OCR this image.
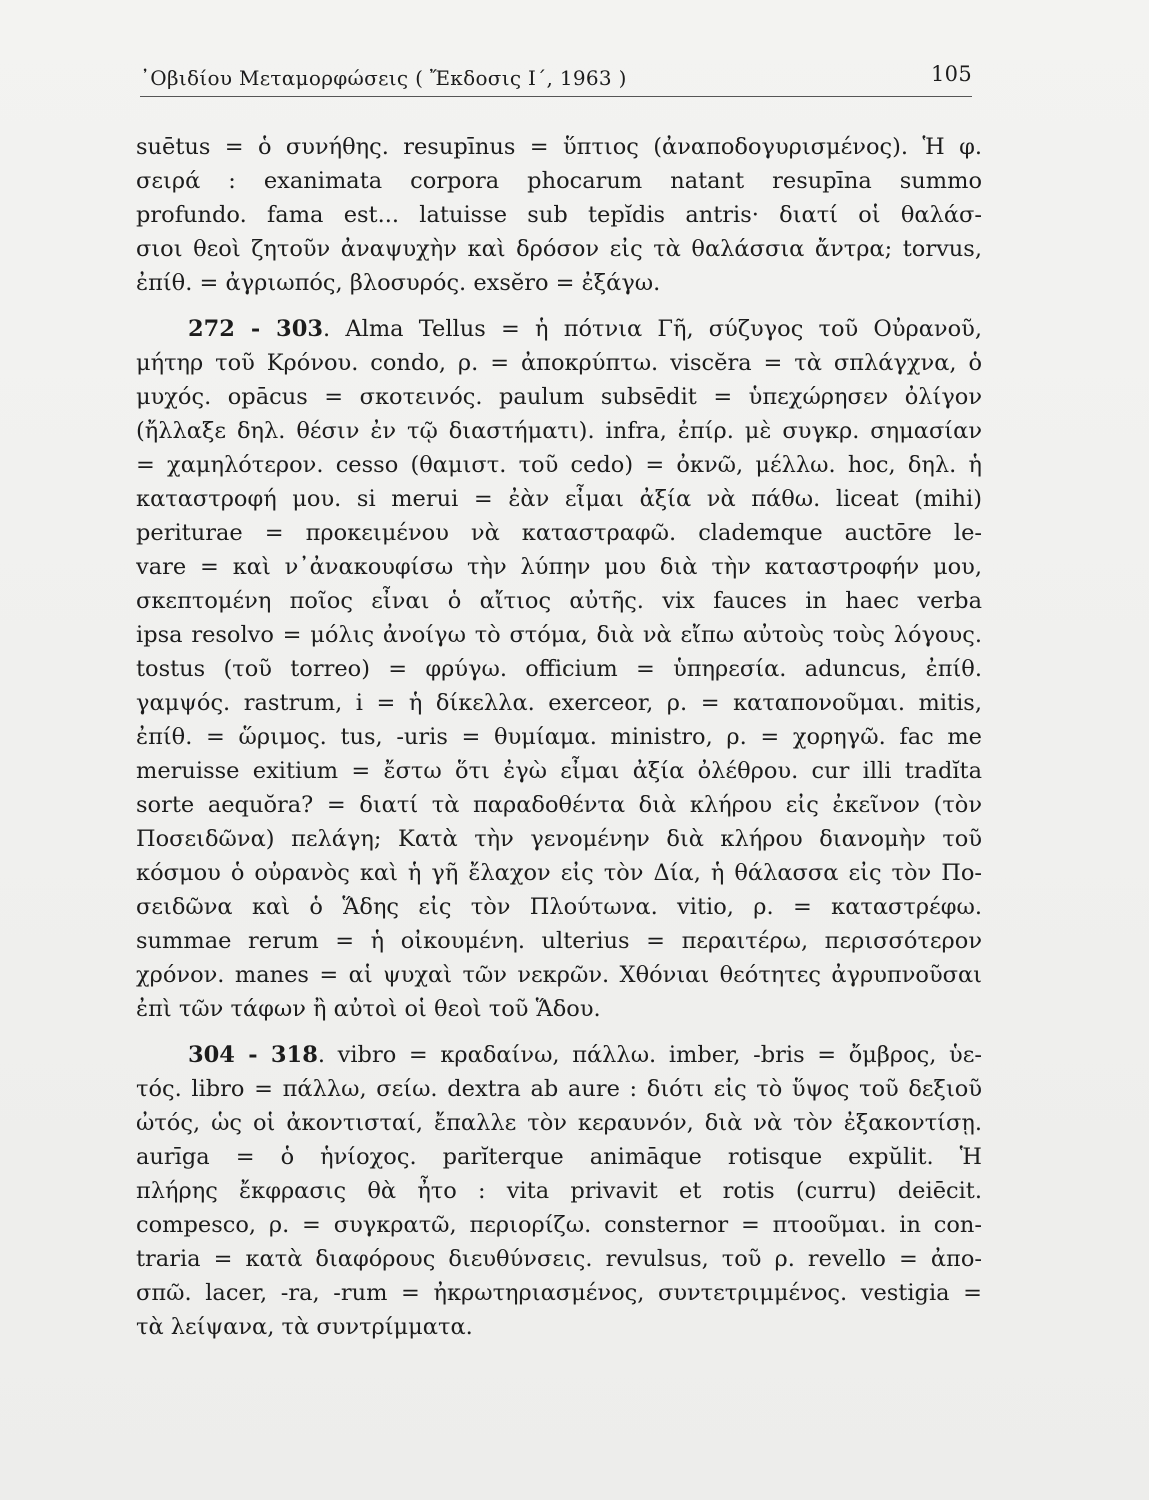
᾿Οβιδίου Μεταμορφώσεις ( Ἔκδοσις Ι΄, 1963 )	105
suētus = ὁ συνήθης. resupīnus = ὕπτιος (ἀναποδογυρισμένος). Ἡ φ.
σειρά : exanimata corpora phocarum natant resupīna summo
profundo. fama est... latuisse sub tepĭdis antris· διατί οἱ θαλάσ-
σιοι θεοὶ ζητοῦν ἀναψυχὴν καὶ δρόσον εἰς τὰ θαλάσσια ἄντρα; torvus,
ἐπίθ. = ἀγριωπός, βλοσυρός. exsĕro = ἐξάγω.
272 - 303. Alma Tellus = ἡ πότνια Γῆ, σύζυγος τοῦ Οὐρανοῦ,
μήτηρ τοῦ Κρόνου. condo, ρ. = ἀποκρύπτω. viscĕra = τὰ σπλάγχνα, ὁ
μυχός. opācus = σκοτεινός. paulum subsēdit = ὑπεχώρησεν ὀλίγον
(ἤλλαξε δηλ. θέσιν ἐν τῷ διαστήματι). infra, ἐπίρ. μὲ συγκρ. σημασίαν
= χαμηλότερον. cesso (θαμιστ. τοῦ cedo) = ὀκνῶ, μέλλω. hoc, δηλ. ἡ
καταστροφή μου. si merui = ἐὰν εἶμαι ἀξία νὰ πάθω. liceat (mihi)
perituraе = προκειμένου νὰ καταστραφῶ. clademque auctōre le-
vare = καὶ ν᾿ἀνακουφίσω τὴν λύπην μου διὰ τὴν καταστροφήν μου,
σκεπτομένη ποῖος εἶναι ὁ αἴτιος αὐτῆς. vix fauces in haec verba
ipsa resolvo = μόλις ἀνοίγω τὸ στόμα, διὰ νὰ εἴπω αὐτοὺς τοὺς λόγους.
tostus (τοῦ torreo) = φρύγω. officium = ὑπηρεσία. aduncus, ἐπίθ.
γαμψός. rastrum, i = ἡ δίκελλα. exerceor, ρ. = καταπονοῦμαι. mitis,
ἐπίθ. = ὥριμος. tus, -uris = θυμίαμα. ministro, ρ. = χορηγῶ. fac me
meruisse exitium = ἔστω ὅτι ἐγὼ εἶμαι ἀξία ὀλέθρου. cur illi tradĭta
sorte aequŏra? = διατί τὰ παραδοθέντα διὰ κλήρου εἰς ἐκεῖνον (τὸν
Ποσειδῶνα) πελάγη; Κατὰ τὴν γενομένην διὰ κλήρου διανομὴν τοῦ
κόσμου ὁ οὐρανὸς καὶ ἡ γῆ ἔλαχον εἰς τὸν Δία, ἡ θάλασσα εἰς τὸν Πο-
σειδῶνα καὶ ὁ Ἅδης εἰς τὸν Πλούτωνα. vitio, ρ. = καταστρέφω.
summae rerum = ἡ οἰκουμένη. ulterius = περαιτέρω, περισσότερον
χρόνον. manes = αἱ ψυχαὶ τῶν νεκρῶν. Χθόνιαι θεότητες ἀγρυπνοῦσαι
ἐπὶ τῶν τάφων ἢ αὐτοὶ οἱ θεοὶ τοῦ Ἅδου.
304 - 318. vibro = κραδαίνω, πάλλω. imber, -bris = ὄμβρος, ὑε-
τός. libro = πάλλω, σείω. dextra ab aure : διότι εἰς τὸ ὕψος τοῦ δεξιοῦ
ὠτός, ὡς οἱ ἀκοντισταί, ἔπαλλε τὸν κεραυνόν, διὰ νὰ τὸν ἐξακοντίσῃ.
aurīga = ὁ ἡνίοχος. parĭterque animāque rotisque expŭlit. Ἡ
πλήρης ἔκφρασις θὰ ἦτο : vita privavit et rotis (curru) deiēcit.
compesco, ρ. = συγκρατῶ, περιορίζω. consternor = πτοοῦμαι. in con-
traria = κατὰ διαφόρους διευθύνσεις. revulsus, τοῦ ρ. revello = ἀπο-
σπῶ. lacer, -ra, -rum = ἠκρωτηριασμένος, συντετριμμένος. vestigia =
τὰ λείψανα, τὰ συντρίμματα.
